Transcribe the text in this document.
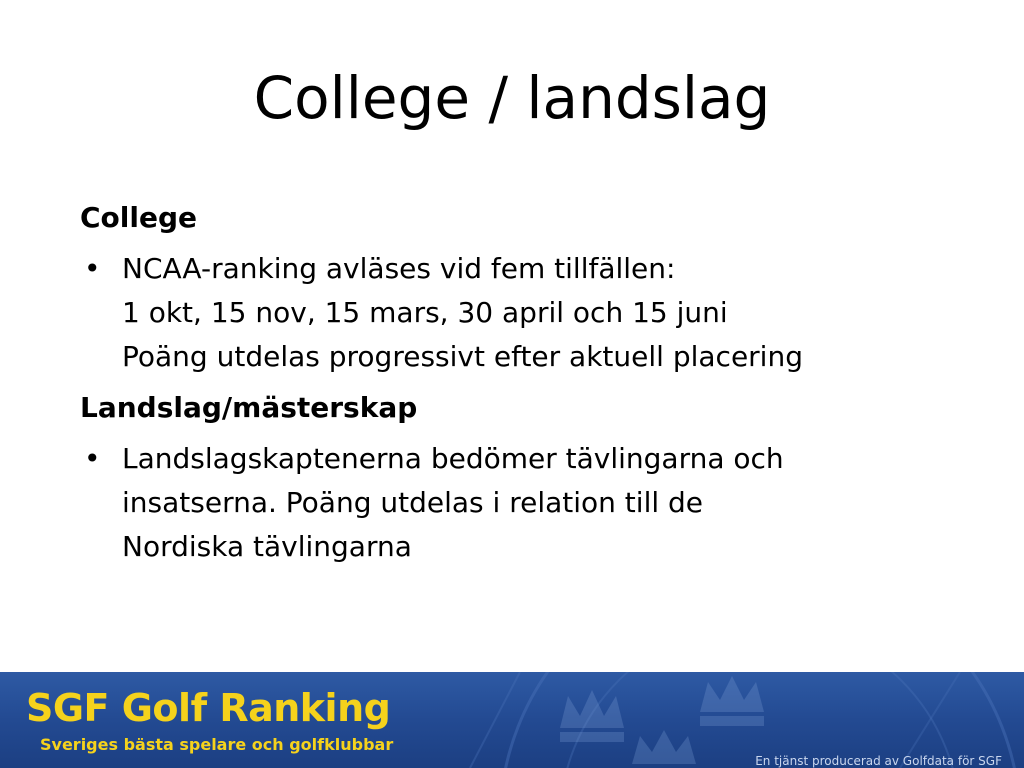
College / landslag
College
• NCAA-ranking avläses vid fem tillfällen:
1 okt, 15 nov, 15 mars, 30 april och 15 juni
Poäng utdelas progressivt efter aktuell placering
Landslag/mästerskap
• Landslagskaptenerna bedömer tävlingarna och
insatserna. Poäng utdelas i relation till de
Nordiska tävlingarna
SGF Golf Ranking
Sveriges bästa spelare och golfklubbar
En tjänst producerad av Golfdata för SGF
